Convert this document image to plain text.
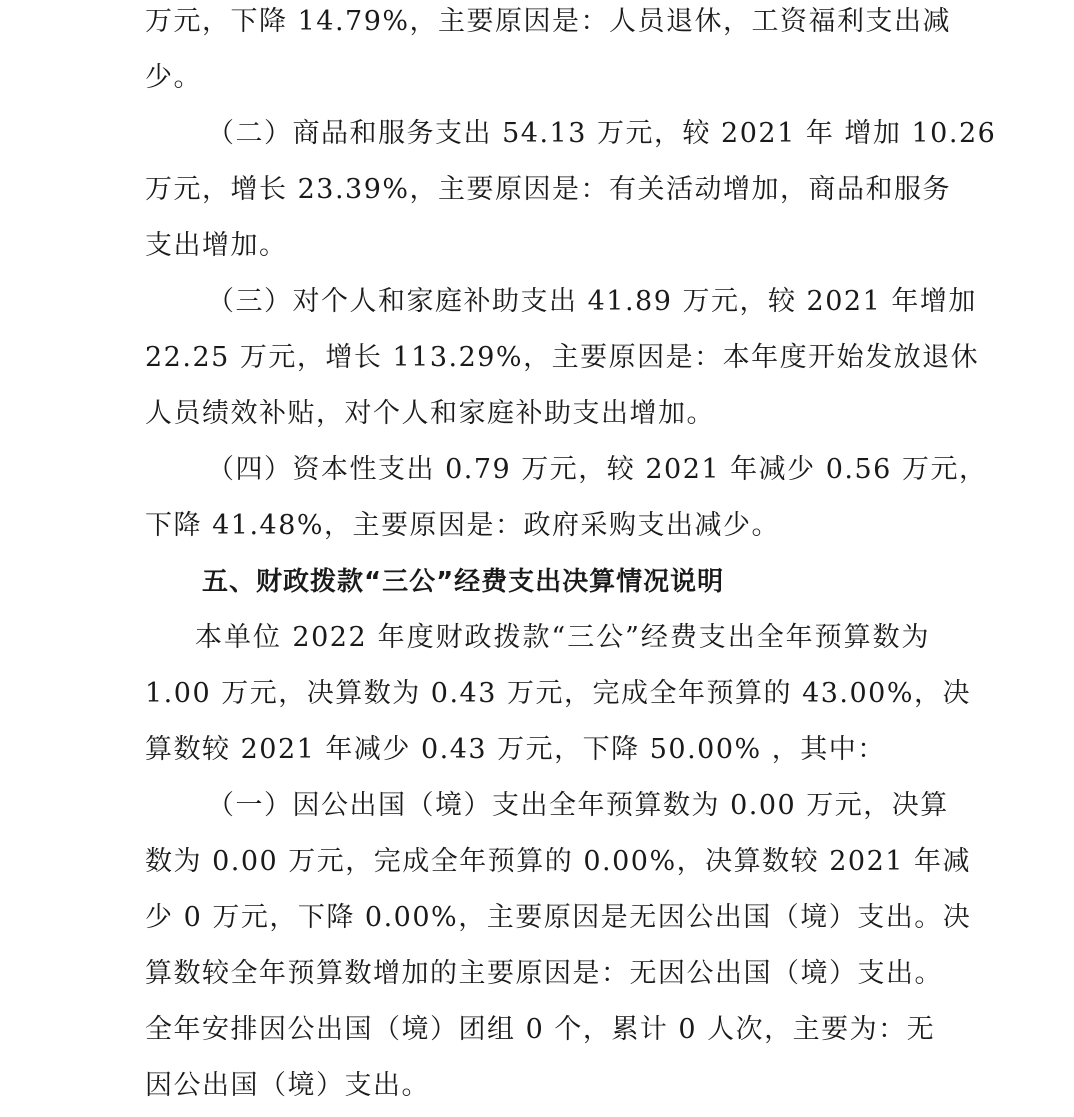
万元，下降 14.79%，主要原因是：人员退休，工资福利支出减
少。
（二）商品和服务支出 54.13 万元，较 2021 年 增加 10.26
万元，增长 23.39%，主要原因是：有关活动增加，商品和服务
支出增加。
（三）对个人和家庭补助支出 41.89 万元，较 2021 年增加
22.25 万元，增长 113.29%，主要原因是：本年度开始发放退休
人员绩效补贴，对个人和家庭补助支出增加。
（四）资本性支出 0.79 万元，较 2021 年减少 0.56 万元，
下降 41.48%，主要原因是：政府采购支出减少。
五、财政拨款“三公”经费支出决算情况说明
本单位 2022 年度财政拨款“三公”经费支出全年预算数为
1.00 万元，决算数为 0.43 万元，完成全年预算的 43.00%，决
算数较 2021 年减少 0.43 万元，下降 50.00% ，其中：
（一）因公出国（境）支出全年预算数为 0.00 万元，决算
数为 0.00 万元，完成全年预算的 0.00%，决算数较 2021 年减
少 0 万元，下降 0.00%，主要原因是无因公出国（境）支出。决
算数较全年预算数增加的主要原因是：无因公出国（境）支出。
全年安排因公出国（境）团组 0 个，累计 0 人次，主要为：无
因公出国（境）支出。
